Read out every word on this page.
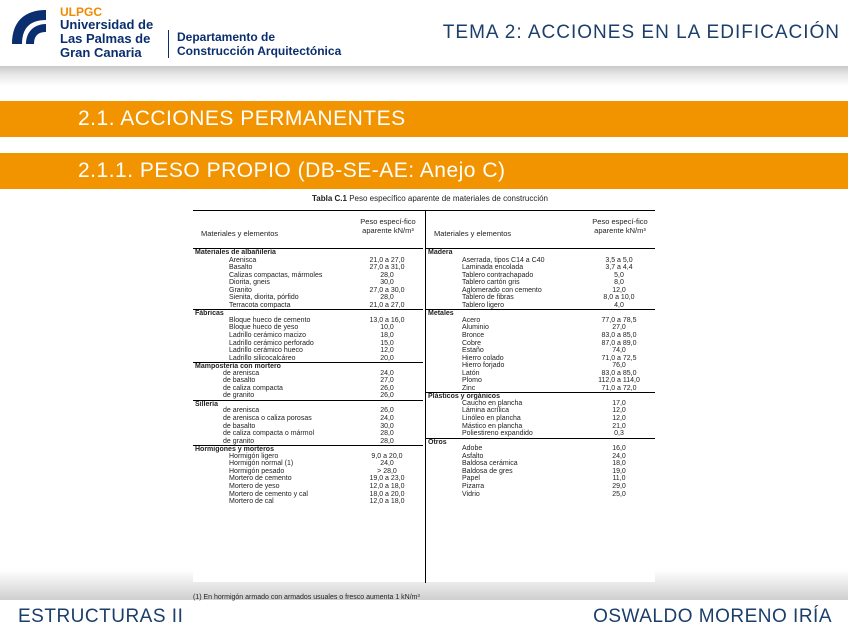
ULPGC
Universidad de
Las Palmas de
Gran Canaria
Departamento de
Construcción Arquitectónica
TEMA 2: ACCIONES EN LA EDIFICACIÓN
2.1. ACCIONES PERMANENTES
2.1.1. PESO PROPIO (DB-SE-AE: Anejo C)
Tabla C.1 Peso específico aparente de materiales de construcción
Materiales y elementos
Peso especí-fico aparente kN/m³
Materiales de albañilería
Arenisca	21,0 a 27,0
Basalto	27,0 a 31,0
Calizas compactas, mármoles	28,0
Diorita, gneis	30,0
Granito	27,0 a 30,0
Sienita, diorita, pórfido	28,0
Terracota compacta	21,0 a 27,0
Fábricas
Bloque hueco de cemento	13,0 a 16,0
Bloque hueco de yeso	10,0
Ladrillo cerámico macizo	18,0
Ladrillo cerámico perforado	15,0
Ladrillo cerámico hueco	12,0
Ladrillo silicocalcáreo	20,0
Mampostería con mortero
de arenisca	24,0
de basalto	27,0
de caliza compacta	26,0
de granito	26,0
Sillería
de arenisca	26,0
de arenisca o caliza porosas	24,0
de basalto	30,0
de caliza compacta o mármol	28,0
de granito	28,0
Hormigones y morteros
Hormigón ligero	9,0 a 20,0
Hormigón normal (1)	24,0
Hormigón pesado	> 28,0
Mortero de cemento	19,0 a 23,0
Mortero de yeso	12,0 a 18,0
Mortero de cemento y cal	18,0 a 20,0
Mortero de cal	12,0 a 18,0
Materiales y elementos
Peso especí-fico aparente kN/m³
Madera
Aserrada, tipos C14 a C40	3,5 a 5,0
Laminada encolada	3,7 a 4,4
Tablero contrachapado	5,0
Tablero cartón gris	8,0
Aglomerado con cemento	12,0
Tablero de fibras	8,0 a 10,0
Tablero ligero	4,0
Metales
Acero	77,0 a 78,5
Aluminio	27,0
Bronce	83,0 a 85,0
Cobre	87,0 a 89,0
Estaño	74,0
Hierro colado	71,0 a 72,5
Hierro forjado	76,0
Latón	83,0 a 85,0
Plomo	112,0 a 114,0
Zinc	71,0 a 72,0
Plásticos y orgánicos
Caucho en plancha	17,0
Lámina acrílica	12,0
Linóleo en plancha	12,0
Mástico en plancha	21,0
Poliestireno expandido	0,3
Otros
Adobe	16,0
Asfalto	24,0
Baldosa cerámica	18,0
Baldosa de gres	19,0
Papel	11,0
Pizarra	29,0
Vidrio	25,0
(1) En hormigón armado con armados usuales o fresco aumenta 1 kN/m³
ESTRUCTURAS II	OSWALDO MORENO IRÍA
